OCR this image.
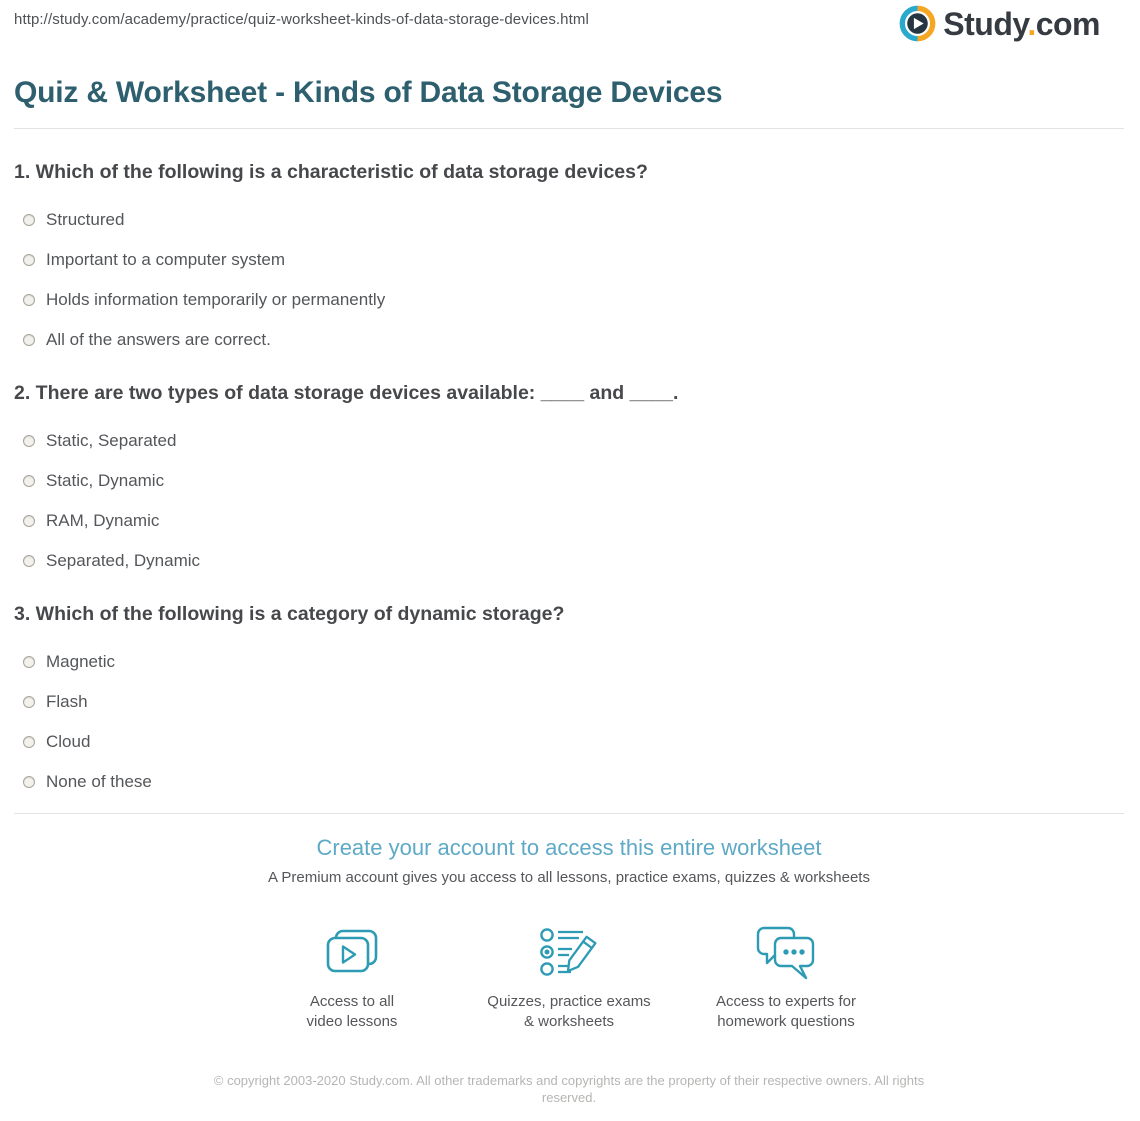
http://study.com/academy/practice/quiz-worksheet-kinds-of-data-storage-devices.html	Study.com
Quiz & Worksheet - Kinds of Data Storage Devices
1. Which of the following is a characteristic of data storage devices?
Structured
Important to a computer system
Holds information temporarily or permanently
All of the answers are correct.
2. There are two types of data storage devices available: ____ and ____.
Static, Separated
Static, Dynamic
RAM, Dynamic
Separated, Dynamic
3. Which of the following is a category of dynamic storage?
Magnetic
Flash
Cloud
None of these
Create your account to access this entire worksheet

A Premium account gives you access to all lessons, practice exams, quizzes & worksheets

Access to all
video lessons
Quizzes, practice exams
& worksheets
Access to experts for
homework questions
© copyright 2003-2020 Study.com. All other trademarks and copyrights are the property of their respective owners. All rights reserved.
